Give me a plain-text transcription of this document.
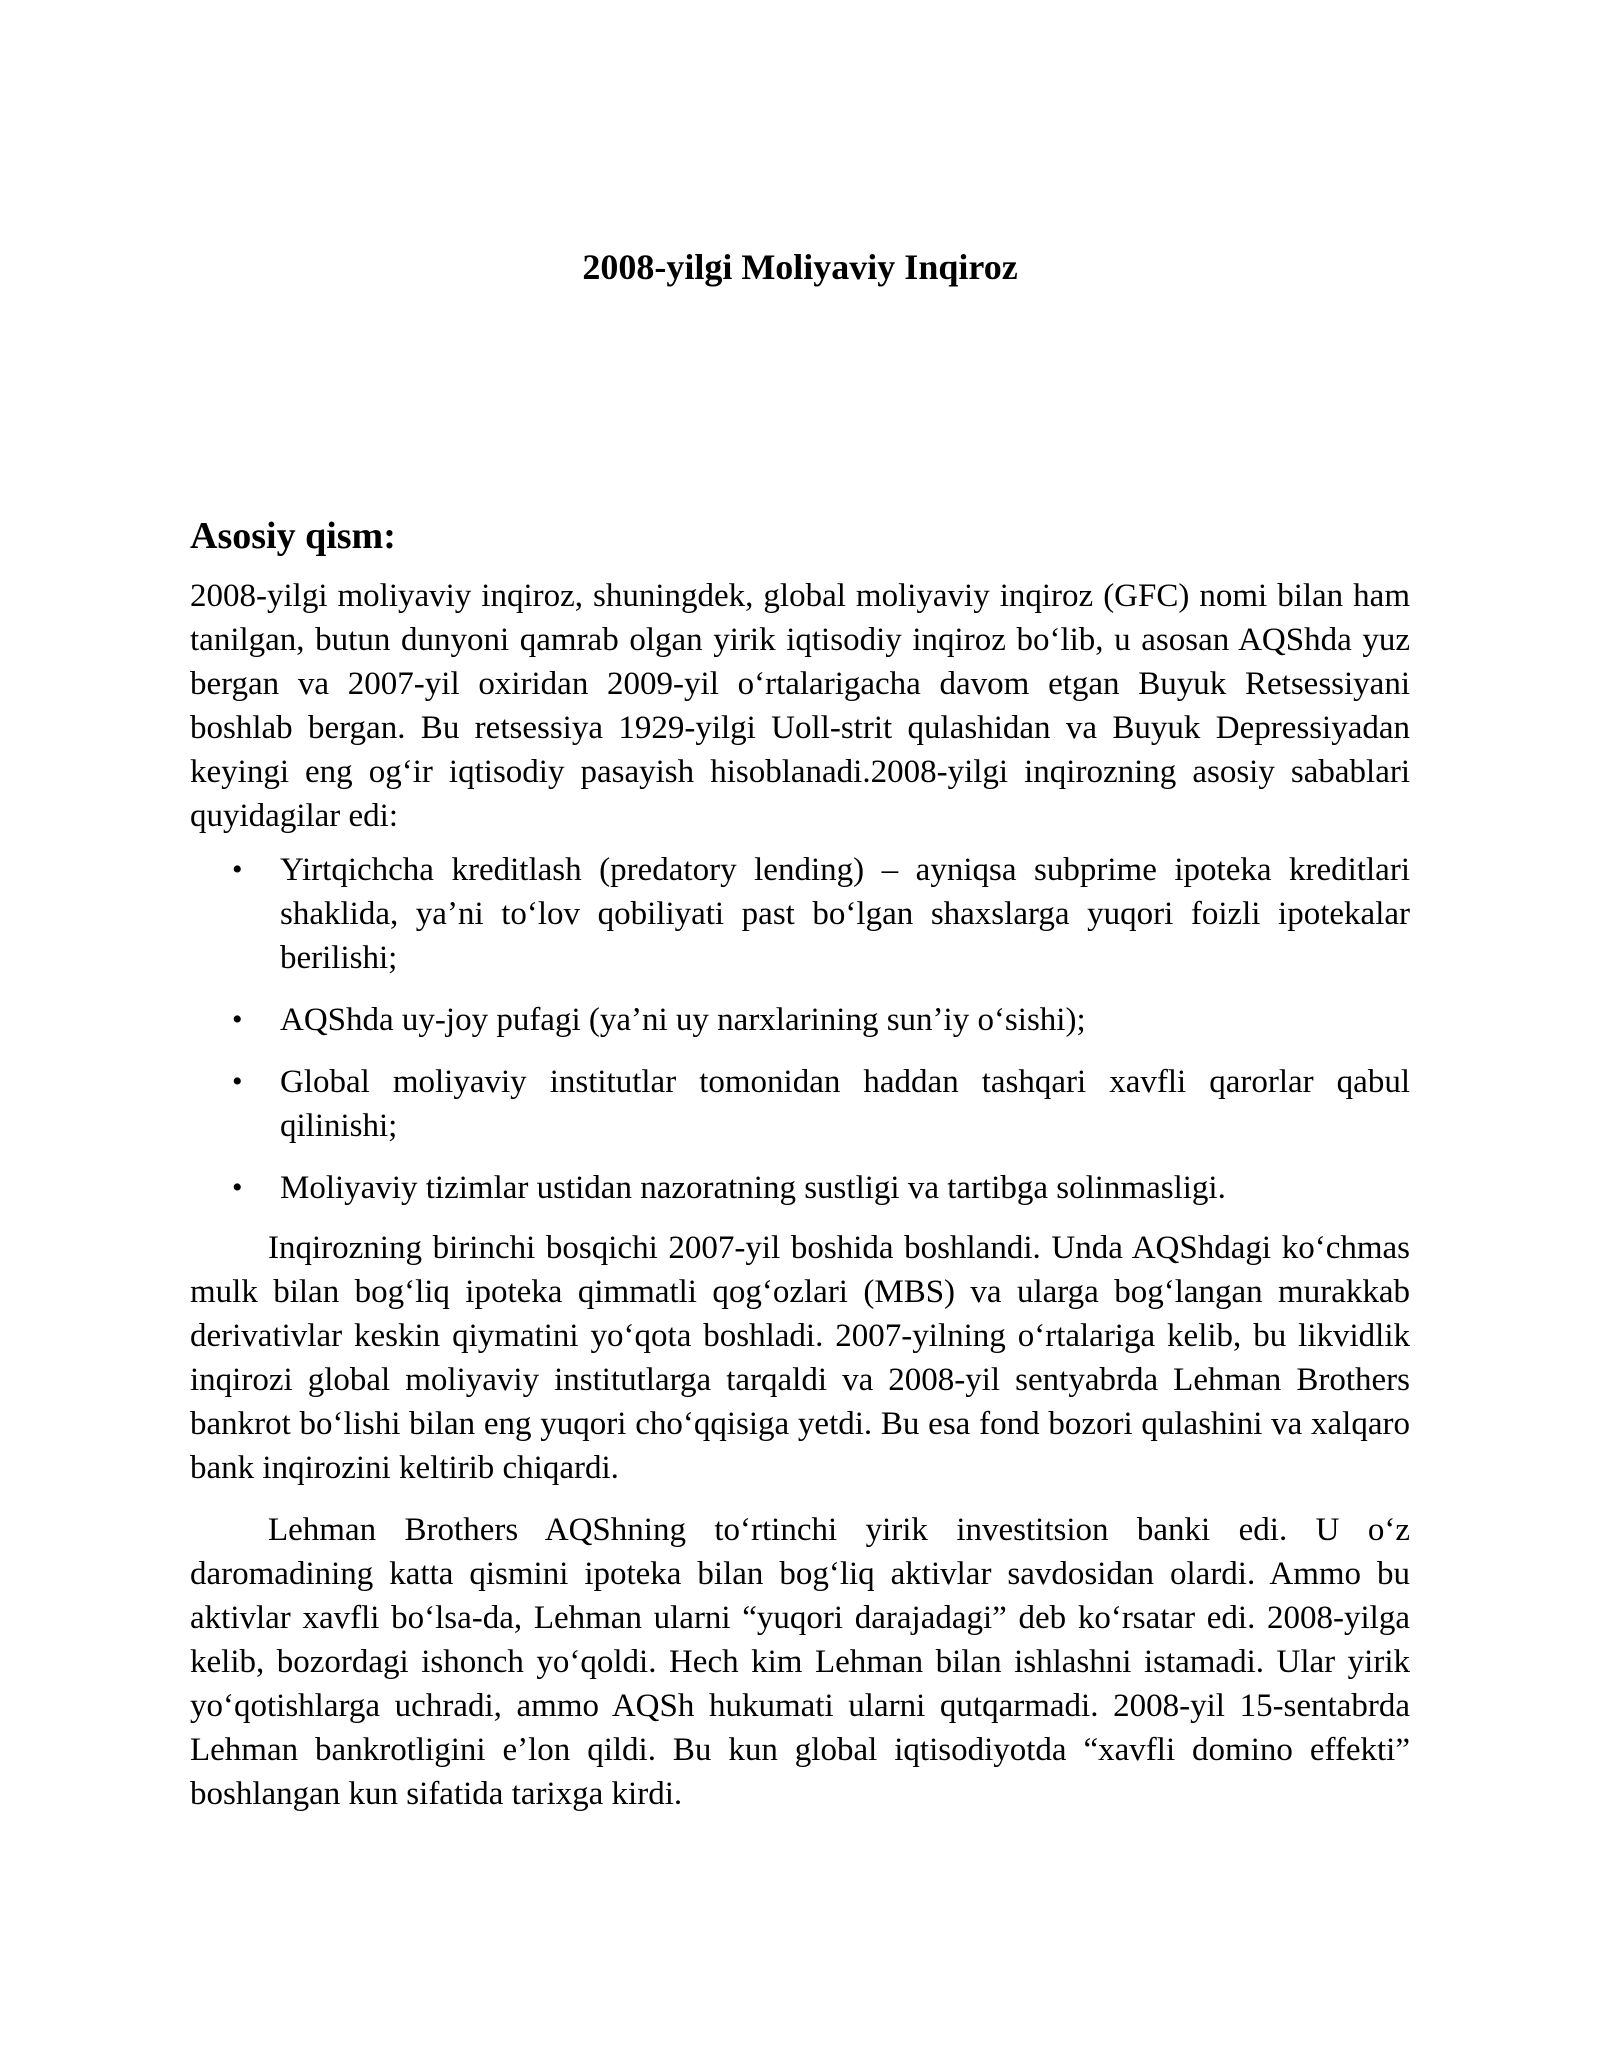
2008-yilgi Moliyaviy Inqiroz
Asosiy qism:

2008-yilgi moliyaviy inqiroz, shuningdek, global moliyaviy inqiroz (GFC) nomi bilan ham tanilgan, butun dunyoni qamrab olgan yirik iqtisodiy inqiroz boʻlib, u asosan AQShda yuz bergan va 2007-yil oxiridan 2009-yil oʻrtalarigacha davom etgan Buyuk Retsessiyani boshlab bergan. Bu retsessiya 1929-yilgi Uoll-strit qulashidan va Buyuk Depressiyadan keyingi eng ogʻir iqtisodiy pasayish hisoblanadi.2008-yilgi inqirozning asosiy sabablari quyidagilar edi:

• Yirtqichcha kreditlash (predatory lending) – ayniqsa subprime ipoteka kreditlari shaklida, yaʼni toʻlov qobiliyati past boʻlgan shaxslarga yuqori foizli ipotekalar berilishi;
• AQShda uy-joy pufagi (yaʼni uy narxlarining sunʼiy oʻsishi);
• Global moliyaviy institutlar tomonidan haddan tashqari xavfli qarorlar qabul qilinishi;
• Moliyaviy tizimlar ustidan nazoratning sustligi va tartibga solinmasligi.

Inqirozning birinchi bosqichi 2007-yil boshida boshlandi. Unda AQShdagi koʻchmas mulk bilan bogʻliq ipoteka qimmatli qogʻozlari (MBS) va ularga bogʻlangan murakkab derivativlar keskin qiymatini yoʻqota boshladi. 2007-yilning oʻrtalariga kelib, bu likvidlik inqirozi global moliyaviy institutlarga tarqaldi va 2008-yil sentyabrda Lehman Brothers bankrot boʻlishi bilan eng yuqori choʻqqisiga yetdi. Bu esa fond bozori qulashini va xalqaro bank inqirozini keltirib chiqardi.

Lehman Brothers AQShning toʻrtinchi yirik investitsion banki edi. U oʻz daromadining katta qismini ipoteka bilan bogʻliq aktivlar savdosidan olardi. Ammo bu aktivlar xavfli boʻlsa-da, Lehman ularni “yuqori darajadagi” deb koʻrsatar edi. 2008-yilga kelib, bozordagi ishonch yoʻqoldi. Hech kim Lehman bilan ishlashni istamadi. Ular yirik yoʻqotishlarga uchradi, ammo AQSh hukumati ularni qutqarmadi. 2008-yil 15-sentabrda Lehman bankrotligini eʼlon qildi. Bu kun global iqtisodiyotda “xavfli domino effekti” boshlangan kun sifatida tarixga kirdi.
